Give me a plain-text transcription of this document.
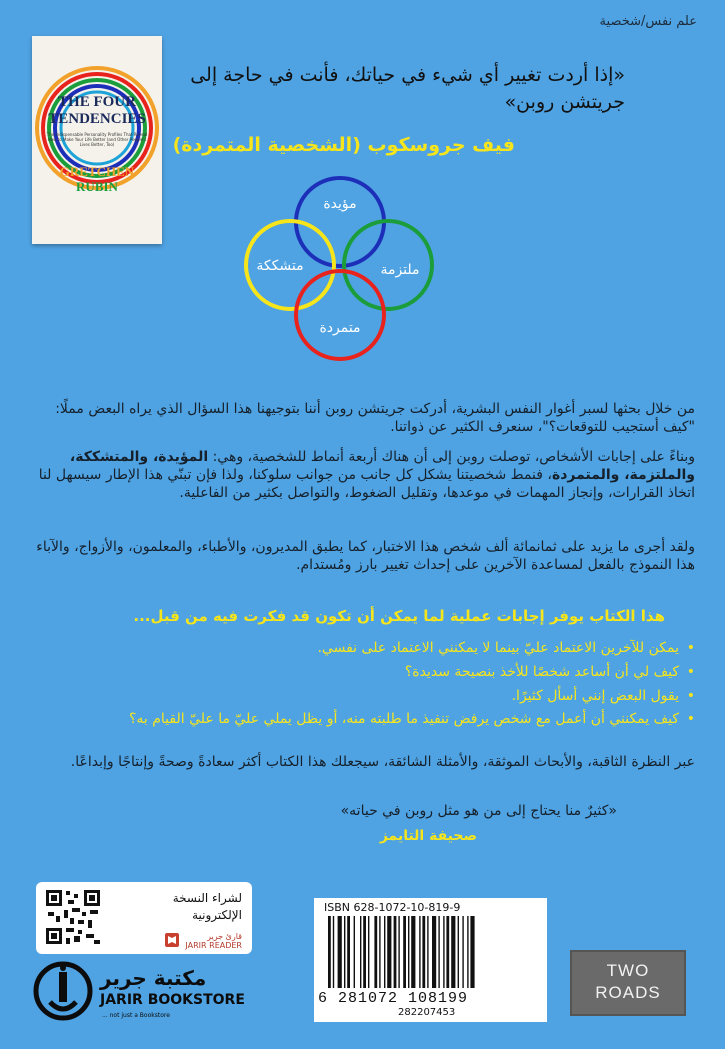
علم نفس/شخصية
THE FOUR
TENDENCIES
The Indispensable Personality Profiles That Reveal How to Make Your Life Better (and Other People's Lives Better, Too)
GRETCHEN
RUBIN
«إذا أردت تغيير أي شيء في حياتك، فأنت في حاجة إلى جريتشن روبن»
فيف جروسكوب (الشخصية المتمردة)
مؤيدة
متشككة	ملتزمة
متمردة
من خلال بحثها لسبر أغوار النفس البشرية، أدركت جريتشن روبن أننا بتوجيهنا هذا السؤال الذي يراه البعض مملًا: "كيف أستجيب للتوقعات؟"، سنعرف الكثير عن ذواتنا.
وبناءً على إجابات الأشخاص، توصلت روبن إلى أن هناك أربعة أنماط للشخصية، وهي: المؤيدة، والمتشككة، والملتزمة، والمتمردة، فنمط شخصيتنا يشكل كل جانب من جوانب سلوكنا، ولذا فإن تبنّي هذا الإطار سيسهل لنا اتخاذ القرارات، وإنجاز المهمات في موعدها، وتقليل الضغوط، والتواصل بكثير من الفاعلية.
ولقد أجرى ما يزيد على ثمانمائة ألف شخص هذا الاختبار، كما يطبق المديرون، والأطباء، والمعلمون، والأزواج، والآباء هذا النموذج بالفعل لمساعدة الآخرين على إحداث تغيير بارز ومُستدام.
هذا الكتاب يوفر إجابات عملية لما يمكن أن تكون قد فكرت فيه من قبل...
•يمكن للآخرين الاعتماد عليّ بينما لا يمكنني الاعتماد على نفسي.
•كيف لي أن أساعد شخصًا للأخذ بنصيحة سديدة؟
•يقول البعض إنني أسأل كثيرًا.
•كيف يمكنني أن أعمل مع شخص يرفض تنفيذ ما طلبته منه، أو يظل يملي عليّ ما عليّ القيام به؟
عبر النظرة الثاقبة، والأبحاث الموثقة، والأمثلة الشائقة، سيجعلك هذا الكتاب أكثر سعادةً وصحةً وإنتاجًا وإبداعًا.
«كثيرٌ منا يحتاج إلى من هو مثل روبن في حياته»
صحيفة التايمز
لشراء النسخة
الإلكترونية
قارئ جرير
JARIR READER
مكتبة جرير
JARIR BOOKSTORE
... not just a Bookstore
ISBN 628-1072-10-819-9
6 281072 108199
282207453
TWO
ROADS
